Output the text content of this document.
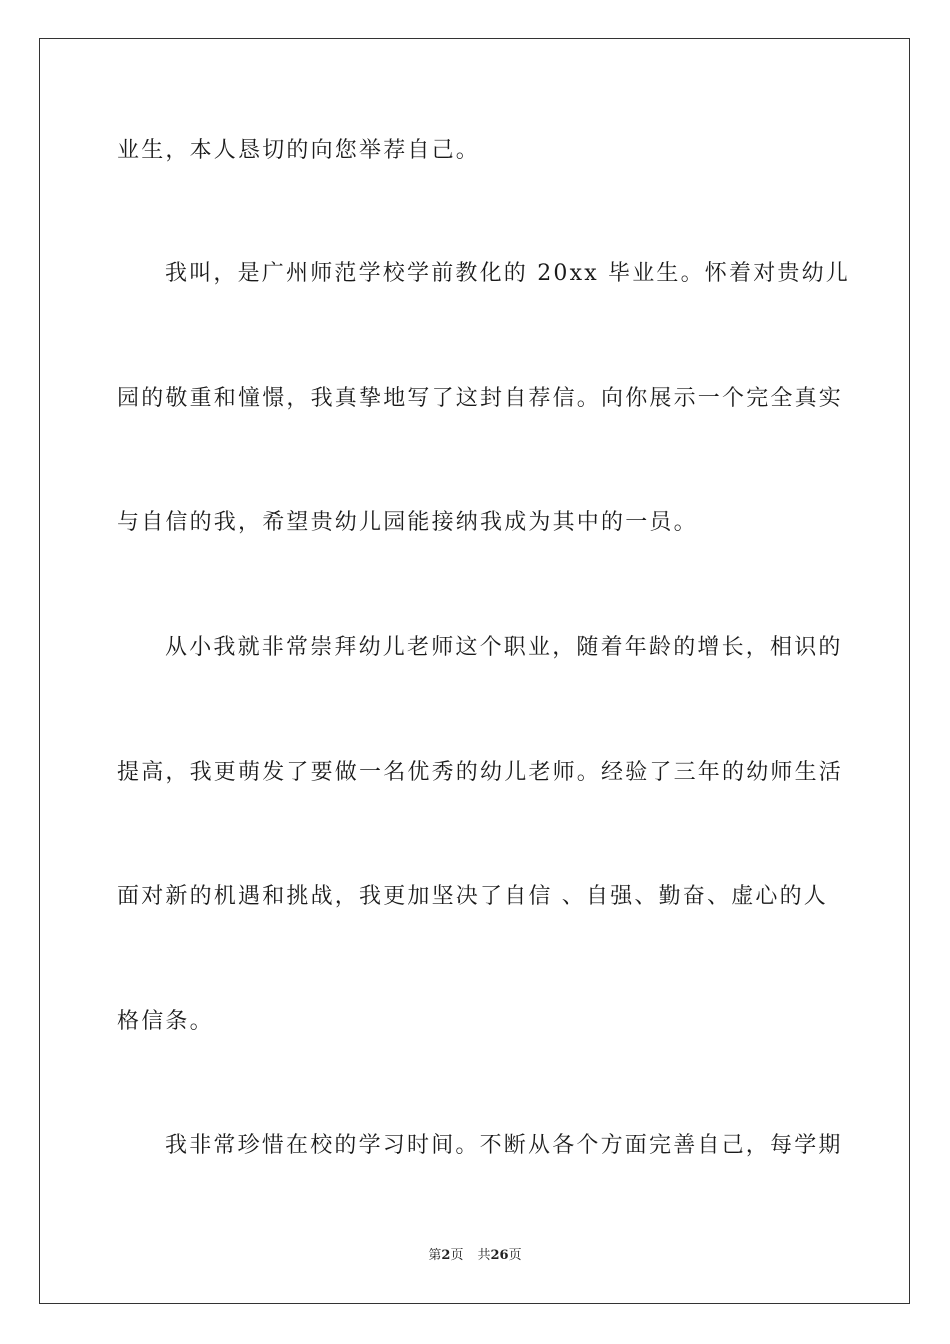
业生，本人恳切的向您举荐自己。
我叫，是广州师范学校学前教化的 20xx 毕业生。怀着对贵幼儿
园的敬重和憧憬，我真挚地写了这封自荐信。向你展示一个完全真实
与自信的我，希望贵幼儿园能接纳我成为其中的一员。
从小我就非常崇拜幼儿老师这个职业，随着年龄的增长，相识的
提高，我更萌发了要做一名优秀的幼儿老师。经验了三年的幼师生活
面对新的机遇和挑战，我更加坚决了自信 、自强、勤奋、虚心的人
格信条。
我非常珍惜在校的学习时间。不断从各个方面完善自己，每学期
第2页 共26页
